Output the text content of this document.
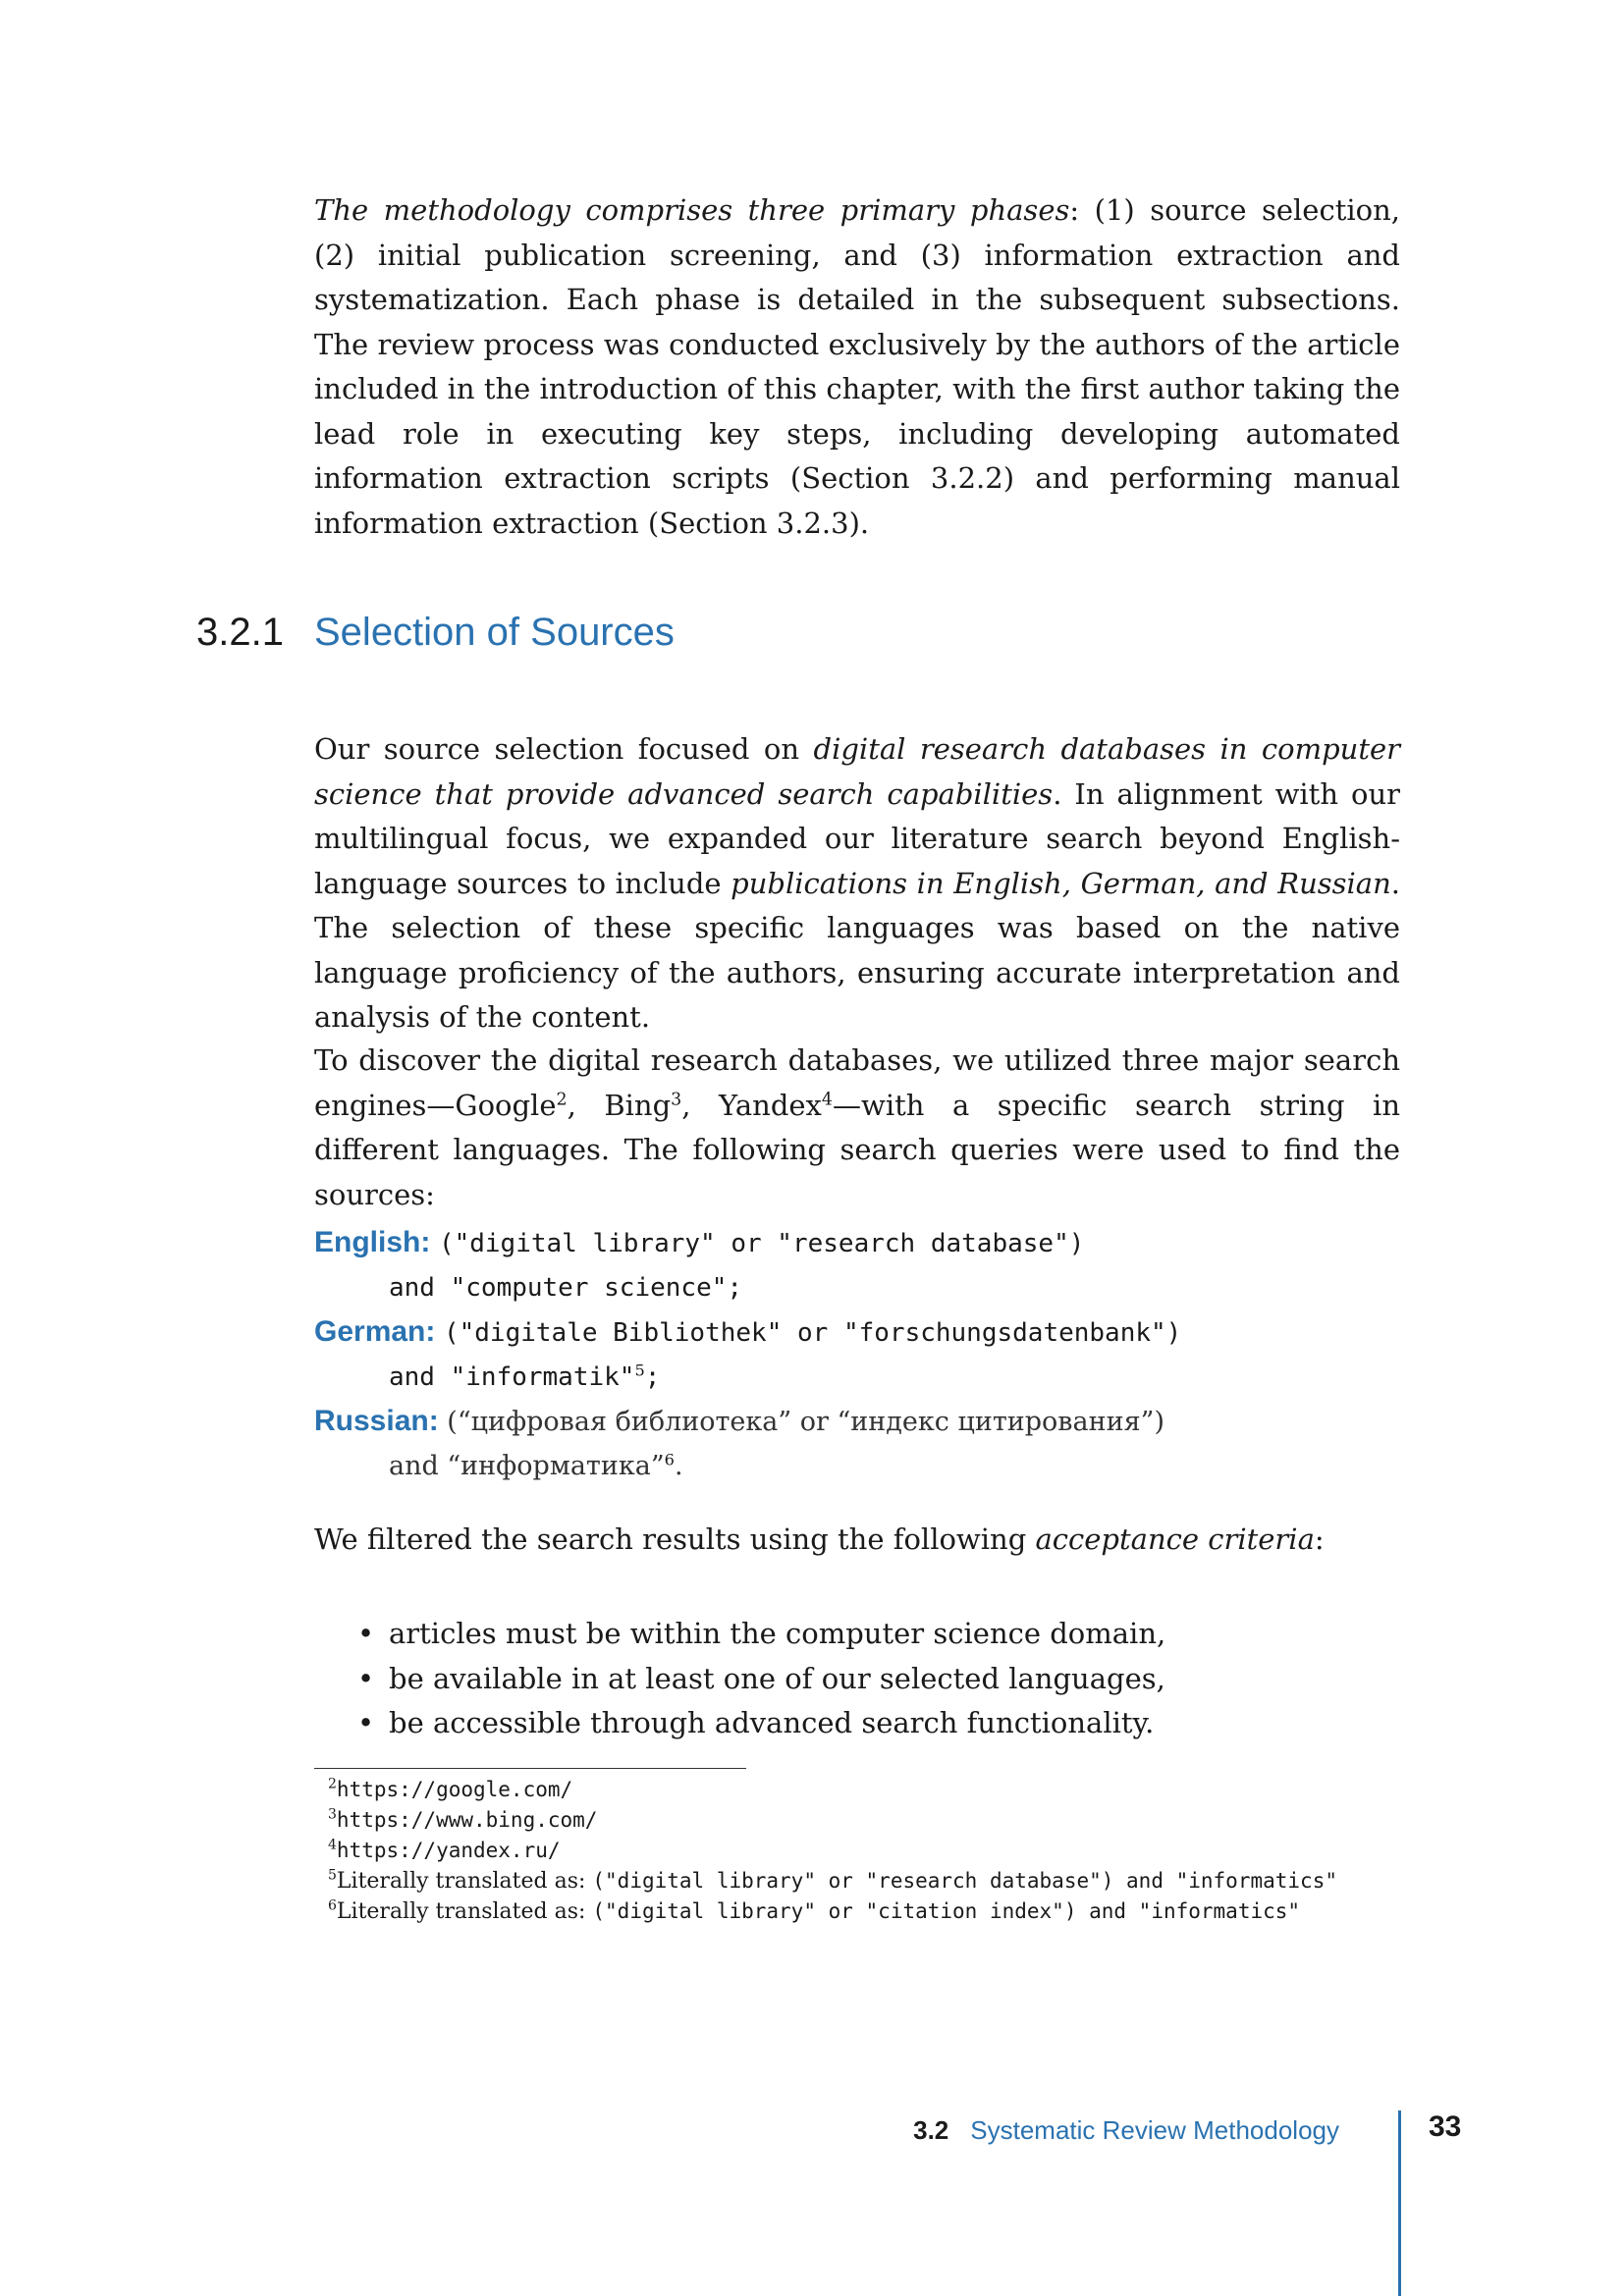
The methodology comprises three primary phases: (1) source selection, (2) initial publication screening, and (3) information extraction and systematization. Each phase is detailed in the subsequent subsections. The review process was conducted exclusively by the authors of the article included in the introduction of this chapter, with the first author taking the lead role in executing key steps, including developing automated information extraction scripts (Section 3.2.2) and performing manual information extraction (Section 3.2.3).

3.2.1 Selection of Sources

Our source selection focused on digital research databases in computer science that provide advanced search capabilities. In alignment with our multilingual focus, we expanded our literature search beyond English-language sources to include publications in English, German, and Russian. The selection of these specific languages was based on the native language proficiency of the authors, ensuring accurate interpretation and analysis of the content.

To discover the digital research databases, we utilized three major search engines—Google$^2$, Bing$^3$, Yandex$^4$—with a specific search string in different languages. The following search queries were used to find the sources:

English: ("digital library" or "research database")
and "computer science";
German: ("digitale Bibliothek" or "forschungsdatenbank")
and "informatik"$^5$;
Russian: (“цифровая библиотека” or “индекс цитирования”)
and “информатика”$^6$.

We filtered the search results using the following acceptance criteria:

• articles must be within the computer science domain,
• be available in at least one of our selected languages,
• be accessible through advanced search functionality.
$^2$https://google.com/
$^3$https://www.bing.com/
$^4$https://yandex.ru/
$^5$Literally translated as: ("digital library" or "research database") and "informatics"
$^6$Literally translated as: ("digital library" or "citation index") and "informatics"
3.2 Systematic Review Methodology	33
